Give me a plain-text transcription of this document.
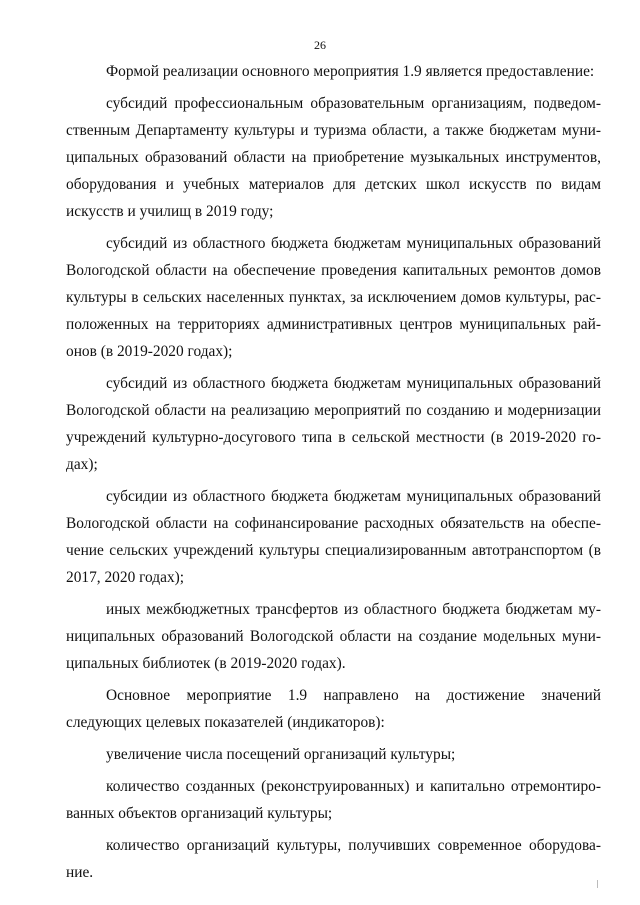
26

Формой реализации основного мероприятия 1.9 является предоставление:

субсидий профессиональным образовательным организациям, подведомственным Департаменту культуры и туризма области, а также бюджетам муниципальных образований области на приобретение музыкальных инструментов, оборудования и учебных материалов для детских школ искусств по видам искусств и училищ в 2019 году;

субсидий из областного бюджета бюджетам муниципальных образований Вологодской области на обеспечение проведения капитальных ремонтов домов культуры в сельских населенных пунктах, за исключением домов культуры, расположенных на территориях административных центров муниципальных районов (в 2019-2020 годах);

субсидий из областного бюджета бюджетам муниципальных образований Вологодской области на реализацию мероприятий по созданию и модернизации учреждений культурно-досугового типа в сельской местности (в 2019-2020 годах);

субсидии из областного бюджета бюджетам муниципальных образований Вологодской области на софинансирование расходных обязательств на обеспечение сельских учреждений культуры специализированным автотранспортом (в 2017, 2020 годах);

иных межбюджетных трансфертов из областного бюджета бюджетам муниципальных образований Вологодской области на создание модельных муниципальных библиотек (в 2019-2020 годах).

Основное мероприятие 1.9 направлено на достижение значений следующих целевых показателей (индикаторов):

увеличение числа посещений организаций культуры;

количество созданных (реконструированных) и капитально отремонтированных объектов организаций культуры;

количество организаций культуры, получивших современное оборудование.
